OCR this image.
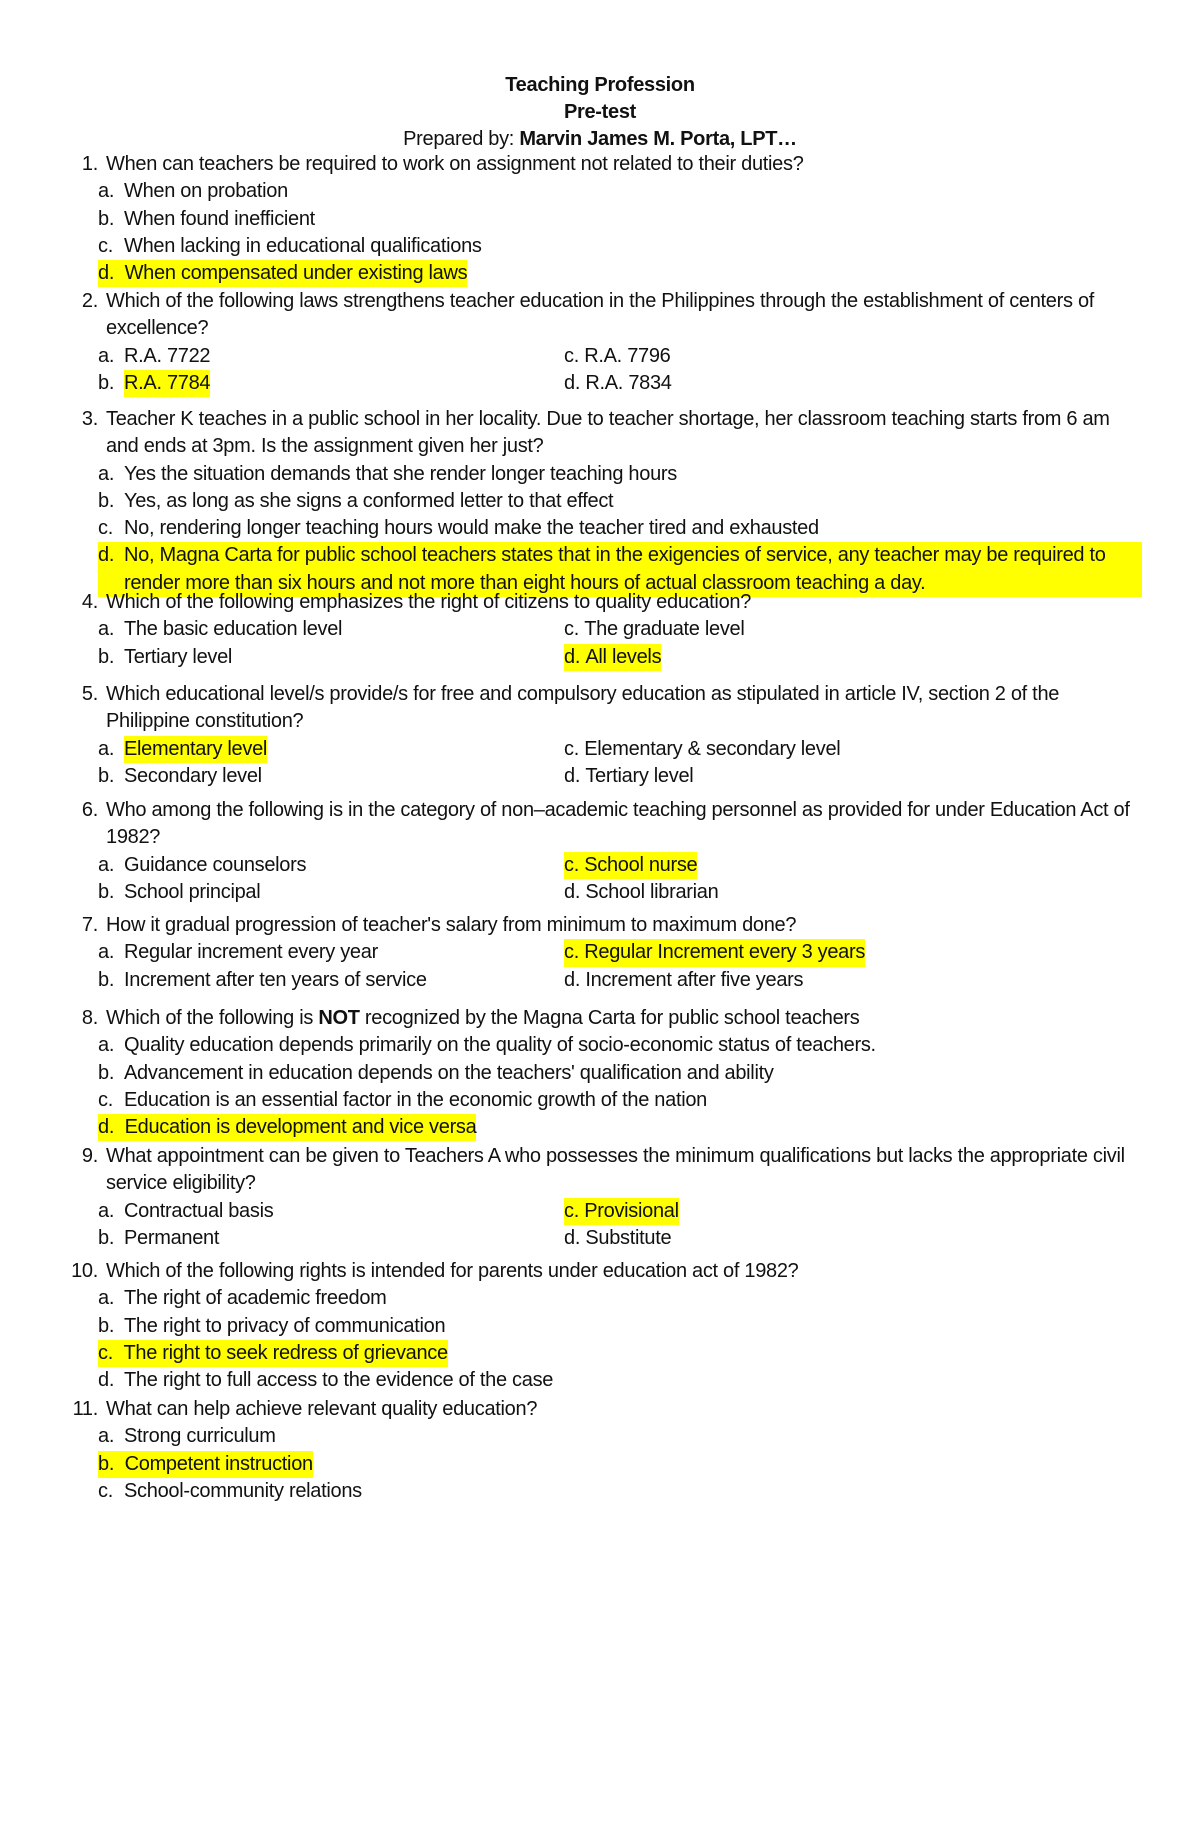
Teaching Profession
Pre-test
Prepared by: Marvin James M. Porta, LPT…
1. When can teachers be required to work on assignment not related to their duties?
a. When on probation
b. When found inefficient
c. When lacking in educational qualifications
d. When compensated under existing laws
2. Which of the following laws strengthens teacher education in the Philippines through the establishment of centers of excellence?
a. R.A. 7722	c.
R.A. 7796
b. R.A. 7784	d.
R.A. 7834
3. Teacher K teaches in a public school in her locality. Due to teacher shortage, her classroom teaching starts from 6 am and ends at 3pm. Is the assignment given her just?
a. Yes the situation demands that she render longer teaching hours
b. Yes, as long as she signs a conformed letter to that effect
c. No, rendering longer teaching hours would make the teacher tired and exhausted
d. No, Magna Carta for public school teachers states that in the exigencies of service, any teacher may be required to render more than six hours and not more than eight hours of actual classroom teaching a day.
4. Which of the following emphasizes the right of citizens to quality education?
a. The basic education level	c.
The graduate level
b. Tertiary level	d. All levels
5. Which educational level/s provide/s for free and compulsory education as stipulated in article IV, section 2 of the Philippine constitution?
a. Elementary level	c.
Elementary & secondary level
b. Secondary level	d.
Tertiary level
6. Who among the following is in the category of non–academic teaching personnel as provided for under Education Act of 1982?
a. Guidance counselors	c. School nurse
b. School principal	d.
School librarian
7. How it gradual progression of teacher's salary from minimum to maximum done?
a. Regular increment every year	c. Regular Increment every 3 years
b. Increment after ten years of service	d.
Increment after five years
8. Which of the following is NOT recognized by the Magna Carta for public school teachers
a. Quality education depends primarily on the quality of socio-economic status of teachers.
b. Advancement in education depends on the teachers' qualification and ability
c. Education is an essential factor in the economic growth of the nation
d. Education is development and vice versa
9. What appointment can be given to Teachers A who possesses the minimum qualifications but lacks the appropriate civil service eligibility?
a. Contractual basis	c. Provisional
b. Permanent	d.
Substitute
10. Which of the following rights is intended for parents under education act of 1982?
a. The right of academic freedom
b. The right to privacy of communication
c. The right to seek redress of grievance
d. The right to full access to the evidence of the case
11. What can help achieve relevant quality education?
a. Strong curriculum
b. Competent instruction
c. School-community relations
